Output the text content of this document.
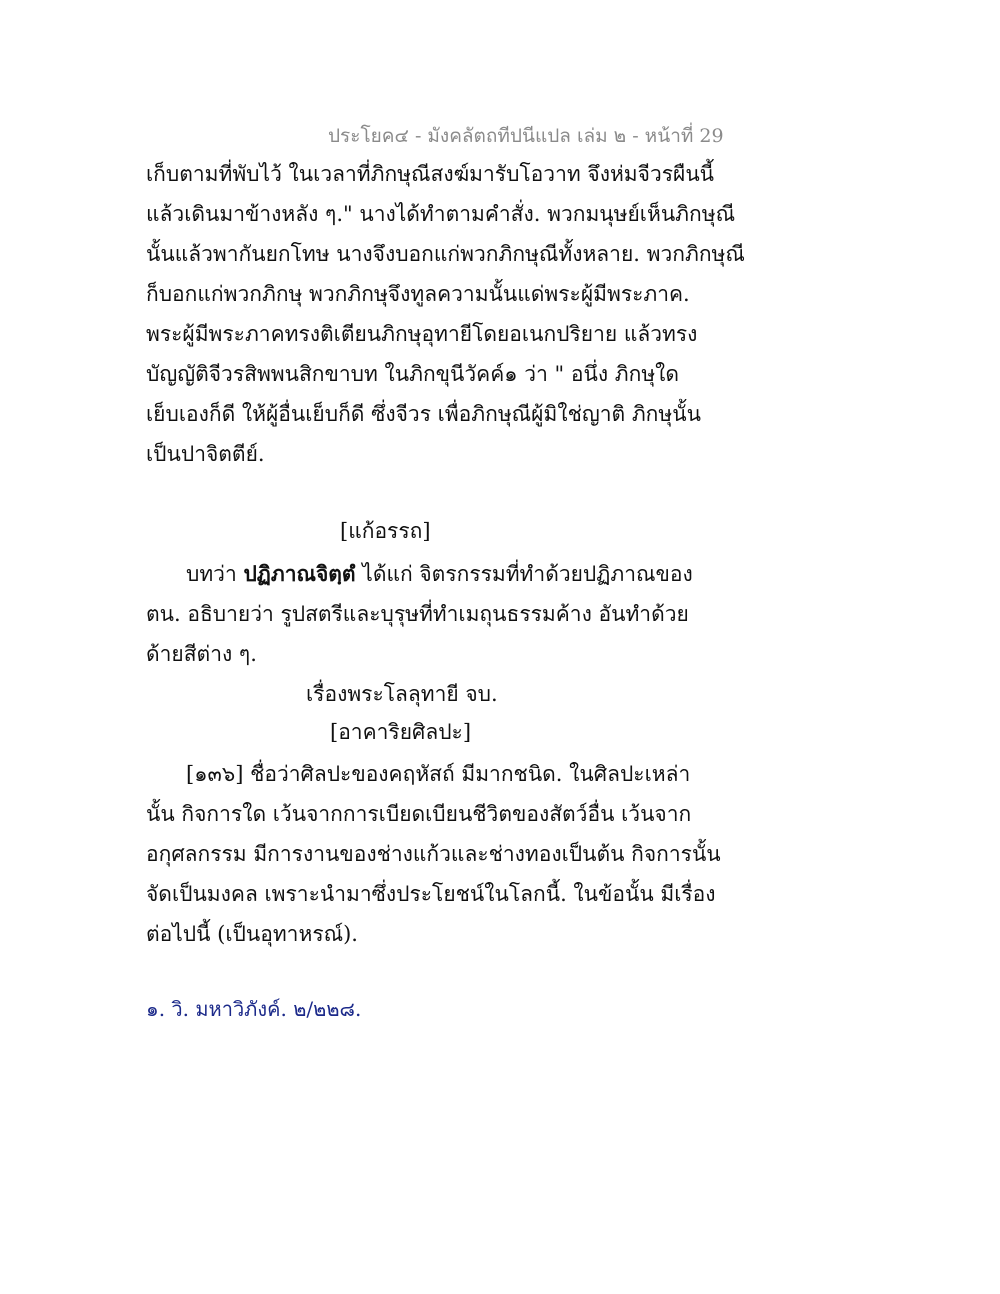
ประโยค๔ - มังคลัตถทีปนีแปล เล่ม ๒ - หน้าที่ 29
เก็บตามที่พับไว้ ในเวลาที่ภิกษุณีสงฆ์มารับโอวาท จึงห่มจีวรผืนนี้
แล้วเดินมาข้างหลัง ๆ." นางได้ทำตามคำสั่ง. พวกมนุษย์เห็นภิกษุณี
นั้นแล้วพากันยกโทษ นางจึงบอกแก่พวกภิกษุณีทั้งหลาย. พวกภิกษุณี
ก็บอกแก่พวกภิกษุ พวกภิกษุจึงทูลความนั้นแด่พระผู้มีพระภาค.
พระผู้มีพระภาคทรงติเตียนภิกษุอุทายีโดยอเนกปริยาย แล้วทรง
บัญญัติจีวรสิพพนสิกขาบท ในภิกขุนีวัคค์๑ ว่า " อนึ่ง ภิกษุใด
เย็บเองก็ดี ให้ผู้อื่นเย็บก็ดี ซึ่งจีวร เพื่อภิกษุณีผู้มิใช่ญาติ ภิกษุนั้น
เป็นปาจิตตีย์.
[แก้อรรถ]
บทว่า ปฏิภาณจิตฺตํ ได้แก่ จิตรกรรมที่ทำด้วยปฏิภาณของ
ตน. อธิบายว่า รูปสตรีและบุรุษที่ทำเมถุนธรรมค้าง อันทำด้วย
ด้ายสีต่าง ๆ.
เรื่องพระโลลุทายี จบ.
[อาคาริยศิลปะ]
[๑๓๖] ชื่อว่าศิลปะของคฤหัสถ์ มีมากชนิด. ในศิลปะเหล่า
นั้น กิจการใด เว้นจากการเบียดเบียนชีวิตของสัตว์อื่น เว้นจาก
อกุศลกรรม มีการงานของช่างแก้วและช่างทองเป็นต้น กิจการนั้น
จัดเป็นมงคล เพราะนำมาซึ่งประโยชน์ในโลกนี้. ในข้อนั้น มีเรื่อง
ต่อไปนี้ (เป็นอุทาหรณ์).
๑. วิ. มหาวิภังค์. ๒/๒๒๘.
